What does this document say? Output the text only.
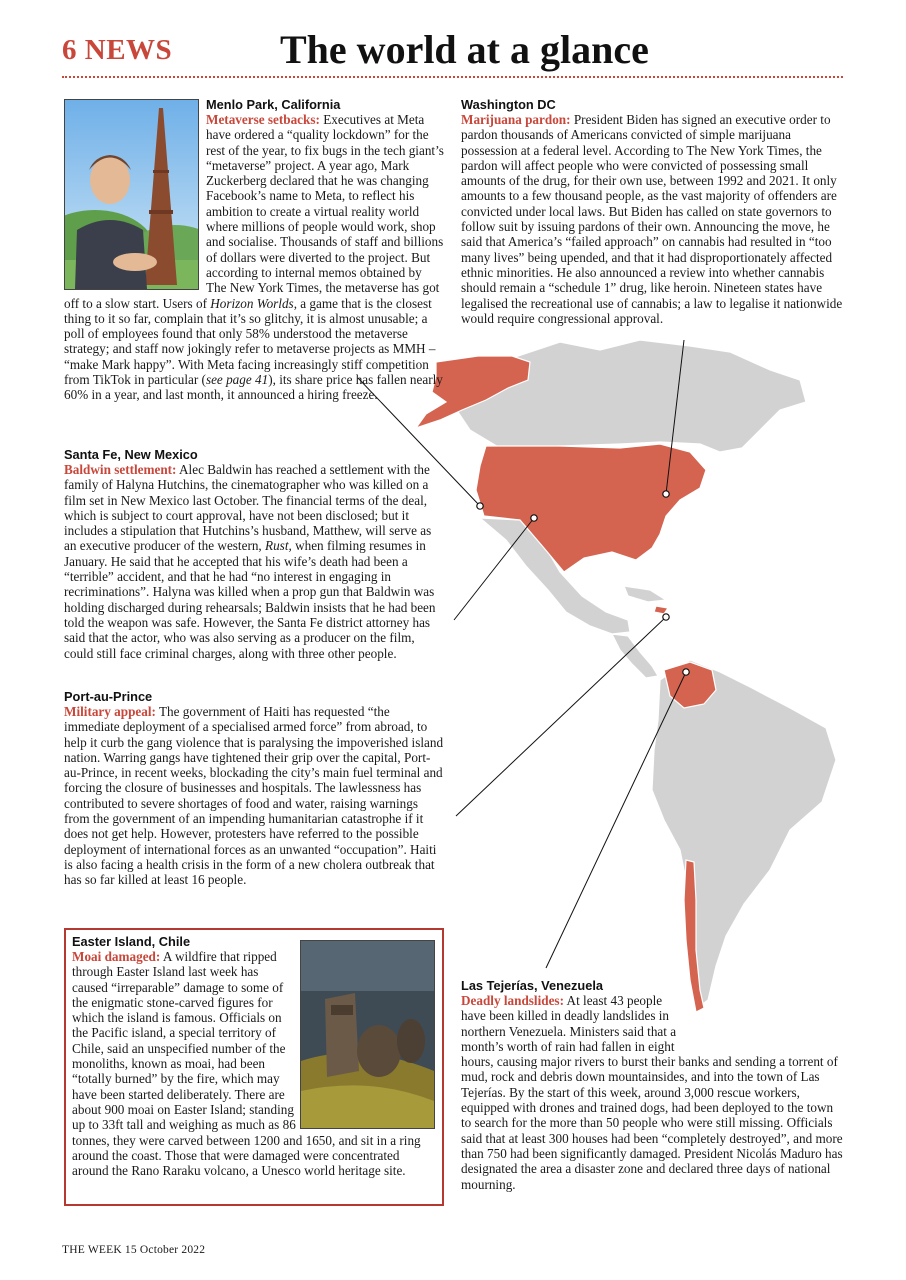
6 NEWS	The world at a glance
Menlo Park, California
Metaverse setbacks: Executives at Meta have ordered a “quality lockdown” for the rest of the year, to fix bugs in the tech giant’s “metaverse” project. A year ago, Mark Zuckerberg declared that he was changing Facebook’s name to Meta, to reflect his ambition to create a virtual reality world where millions of people would work, shop and socialise. Thousands of staff and billions of dollars were diverted to the project. But according to internal memos obtained by The New York Times, the metaverse has got off to a slow start. Users of Horizon Worlds, a game that is the closest thing to it so far, complain that it’s so glitchy, it is almost unusable; a poll of employees found that only 58% understood the metaverse strategy; and staff now jokingly refer to metaverse projects as MMH – “make Mark happy”. With Meta facing increasingly stiff competition from TikTok in particular (see page 41), its share price has fallen nearly 60% in a year, and last month, it announced a hiring freeze.
Washington DC
Marijuana pardon: President Biden has signed an executive order to pardon thousands of Americans convicted of simple marijuana possession at a federal level. According to The New York Times, the pardon will affect people who were convicted of possessing small amounts of the drug, for their own use, between 1992 and 2021. It only amounts to a few thousand people, as the vast majority of offenders are convicted under local laws. But Biden has called on state governors to follow suit by issuing pardons of their own. Announcing the move, he said that America’s “failed approach” on cannabis had resulted in “too many lives” being upended, and that it had disproportionately affected ethnic minorities. He also announced a review into whether cannabis should remain a “schedule 1” drug, like heroin. Nineteen states have legalised the recreational use of cannabis; a law to legalise it nationwide would require congressional approval.
Santa Fe, New Mexico
Baldwin settlement: Alec Baldwin has reached a settlement with the family of Halyna Hutchins, the cinematographer who was killed on a film set in New Mexico last October. The financial terms of the deal, which is subject to court approval, have not been disclosed; but it includes a stipulation that Hutchins’s husband, Matthew, will serve as an executive producer of the western, Rust, when filming resumes in January. He said that he accepted that his wife’s death had been a “terrible” accident, and that he had “no interest in engaging in recriminations”. Halyna was killed when a prop gun that Baldwin was holding discharged during rehearsals; Baldwin insists that he had been told the weapon was safe. However, the Santa Fe district attorney has said that the actor, who was also serving as a producer on the film, could still face criminal charges, along with three other people.
Port-au-Prince
Military appeal: The government of Haiti has requested “the immediate deployment of a specialised armed force” from abroad, to help it curb the gang violence that is paralysing the impoverished island nation. Warring gangs have tightened their grip over the capital, Port-au-Prince, in recent weeks, blockading the city’s main fuel terminal and forcing the closure of businesses and hospitals. The lawlessness has contributed to severe shortages of food and water, raising warnings from the government of an impending humanitarian catastrophe if it does not get help. However, protesters have referred to the possible deployment of international forces as an unwanted “occupation”. Haiti is also facing a health crisis in the form of a new cholera outbreak that has so far killed at least 16 people.
Easter Island, Chile
Moai damaged: A wildfire that ripped through Easter Island last week has caused “irreparable” damage to some of the enigmatic stone-carved figures for which the island is famous. Officials on the Pacific island, a special territory of Chile, said an unspecified number of the monoliths, known as moai, had been “totally burned” by the fire, which may have been started deliberately. There are about 900 moai on Easter Island; standing up to 33ft tall and weighing as much as 86 tonnes, they were carved between 1200 and 1650, and sit in a ring around the coast. Those that were damaged were concentrated around the Rano Raraku volcano, a Unesco world heritage site.
Las Tejerías, Venezuela
Deadly landslides: At least 43 people have been killed in deadly landslides in northern Venezuela. Ministers said that a month’s worth of rain had fallen in eight hours, causing major rivers to burst their banks and sending a torrent of mud, rock and debris down mountainsides, and into the town of Las Tejerías. By the start of this week, around 3,000 rescue workers, equipped with drones and trained dogs, had been deployed to the town to search for the more than 50 people who were still missing. Officials said that at least 300 houses had been “completely destroyed”, and more than 750 had been significantly damaged. President Nicolás Maduro has designated the area a disaster zone and declared three days of national mourning.
THE WEEK 15 October 2022
